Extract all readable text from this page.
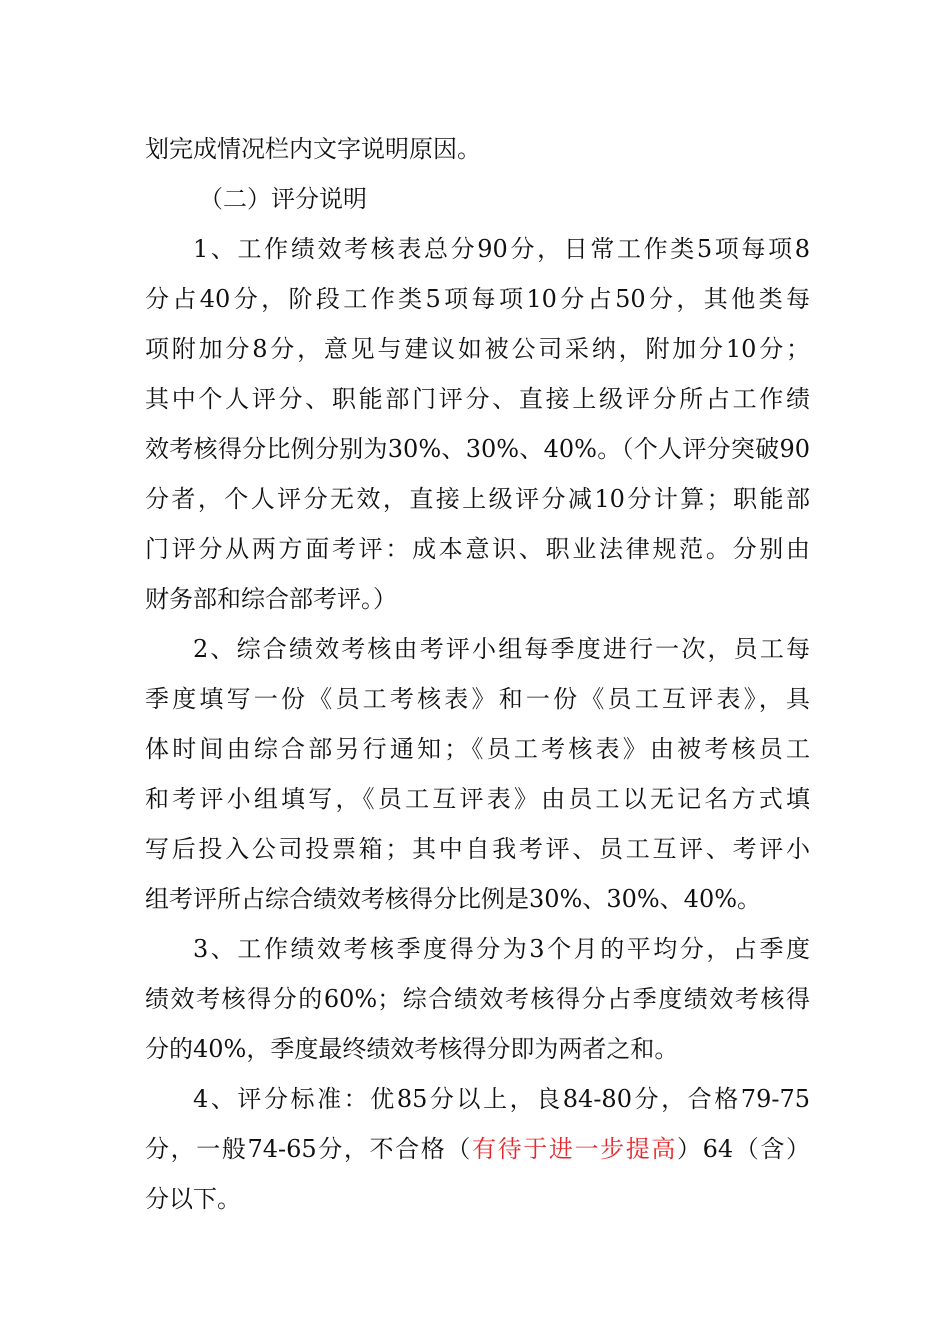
划完成情况栏内文字说明原因。
（二）评分说明
1、工作绩效考核表总分90分，日常工作类5项每项8
分占40分，阶段工作类5项每项10分占50分，其他类每
项附加分8分，意见与建议如被公司采纳，附加分10分；
其中个人评分、职能部门评分、直接上级评分所占工作绩
效考核得分比例分别为30%、30%、40%。（个人评分突破90
分者，个人评分无效，直接上级评分减10分计算；职能部
门评分从两方面考评：成本意识、职业法律规范。分别由
财务部和综合部考评。）
2、综合绩效考核由考评小组每季度进行一次，员工每
季度填写一份《员工考核表》和一份《员工互评表》，具
体时间由综合部另行通知；《员工考核表》由被考核员工
和考评小组填写，《员工互评表》由员工以无记名方式填
写后投入公司投票箱；其中自我考评、员工互评、考评小
组考评所占综合绩效考核得分比例是30%、30%、40%。
3、工作绩效考核季度得分为3个月的平均分，占季度
绩效考核得分的60%；综合绩效考核得分占季度绩效考核得
分的40%，季度最终绩效考核得分即为两者之和。
4、评分标准：优85分以上，良84-80分，合格79-75
分，一般74-65分，不合格（有待于进一步提高）64（含）
分以下。
